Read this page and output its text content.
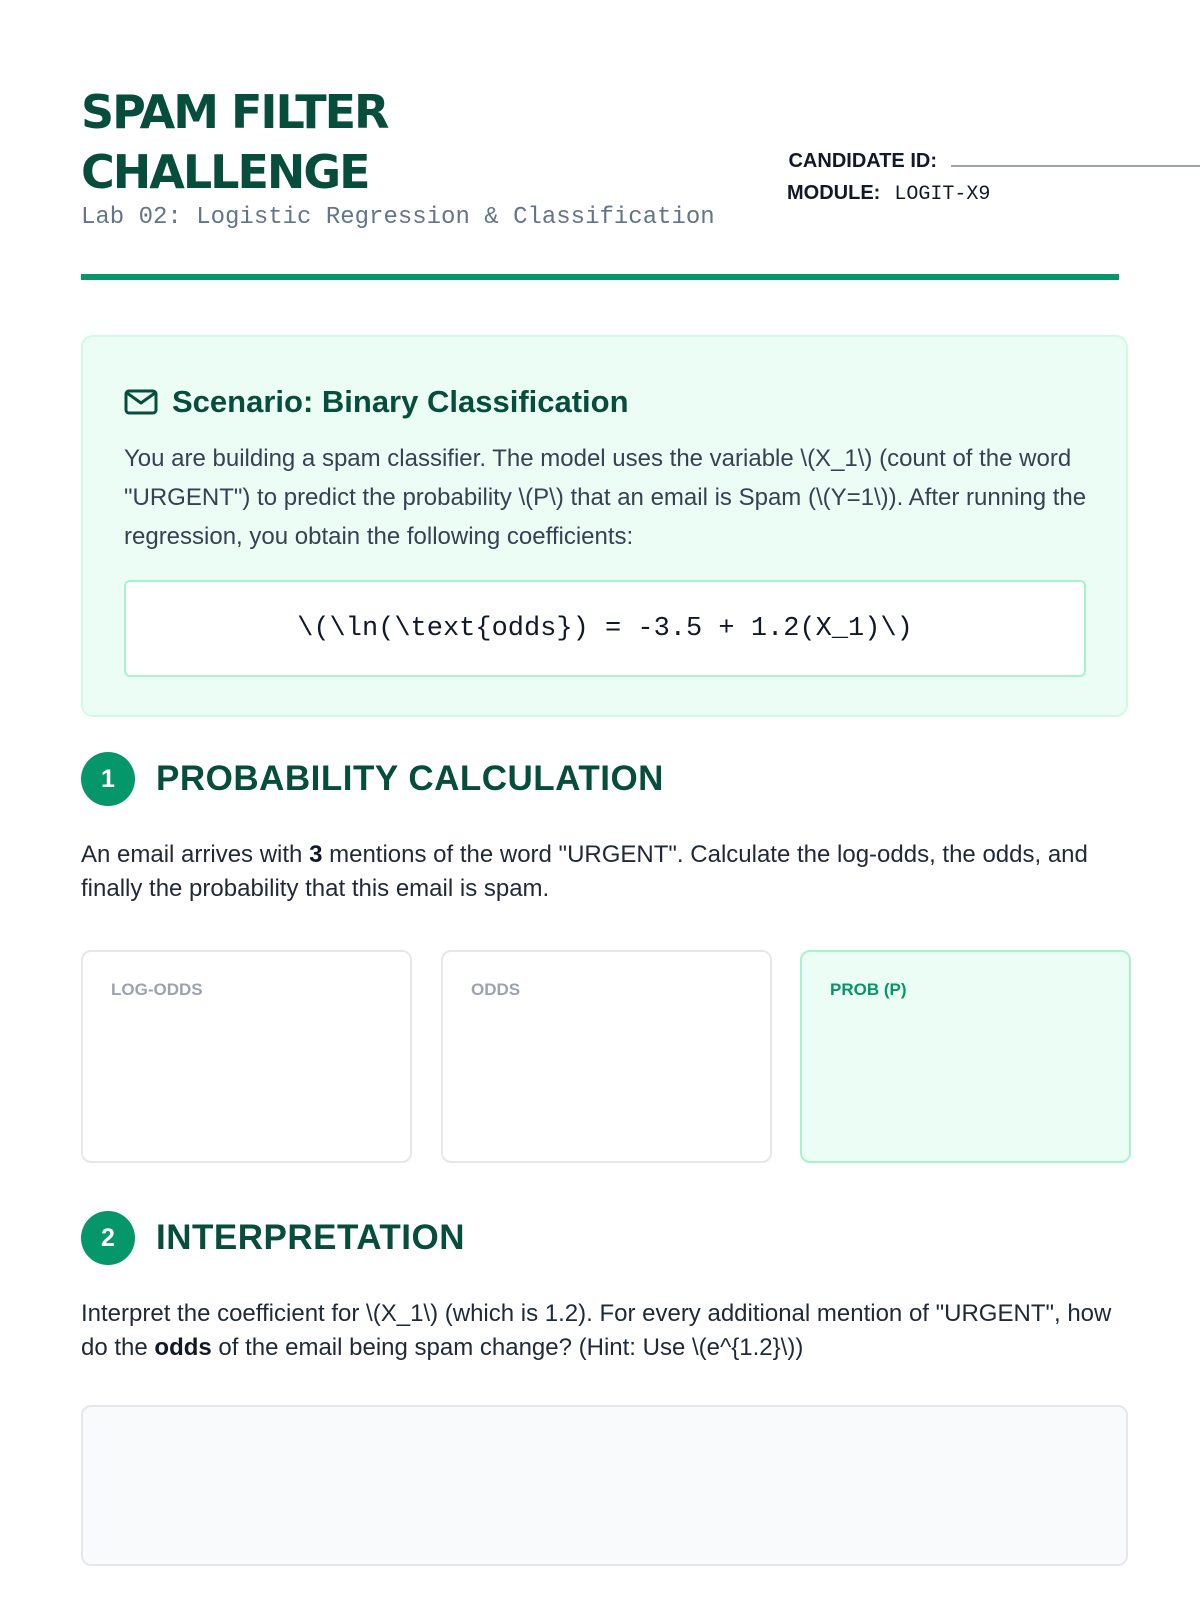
SPAM FILTER CHALLENGE
Lab 02: Logistic Regression & Classification
CANDIDATE ID:
MODULE: LOGIT-X9
Scenario: Binary Classification

You are building a spam classifier. The model uses the variable \(X_1\) (count of the word "URGENT") to predict the probability \(P\) that an email is Spam (\(Y=1\)). After running the regression, you obtain the following coefficients:

\(\ln(\text{odds}) = -3.5 + 1.2(X_1)\)
1	PROBABILITY CALCULATION

An email arrives with 3 mentions of the word "URGENT". Calculate the log-odds, the odds, and finally the probability that this email is spam.

LOG-ODDS	ODDS	PROB (P)
2	INTERPRETATION

Interpret the coefficient for \(X_1\) (which is 1.2). For every additional mention of "URGENT", how do the odds of the email being spam change? (Hint: Use \(e^{1.2}\))
